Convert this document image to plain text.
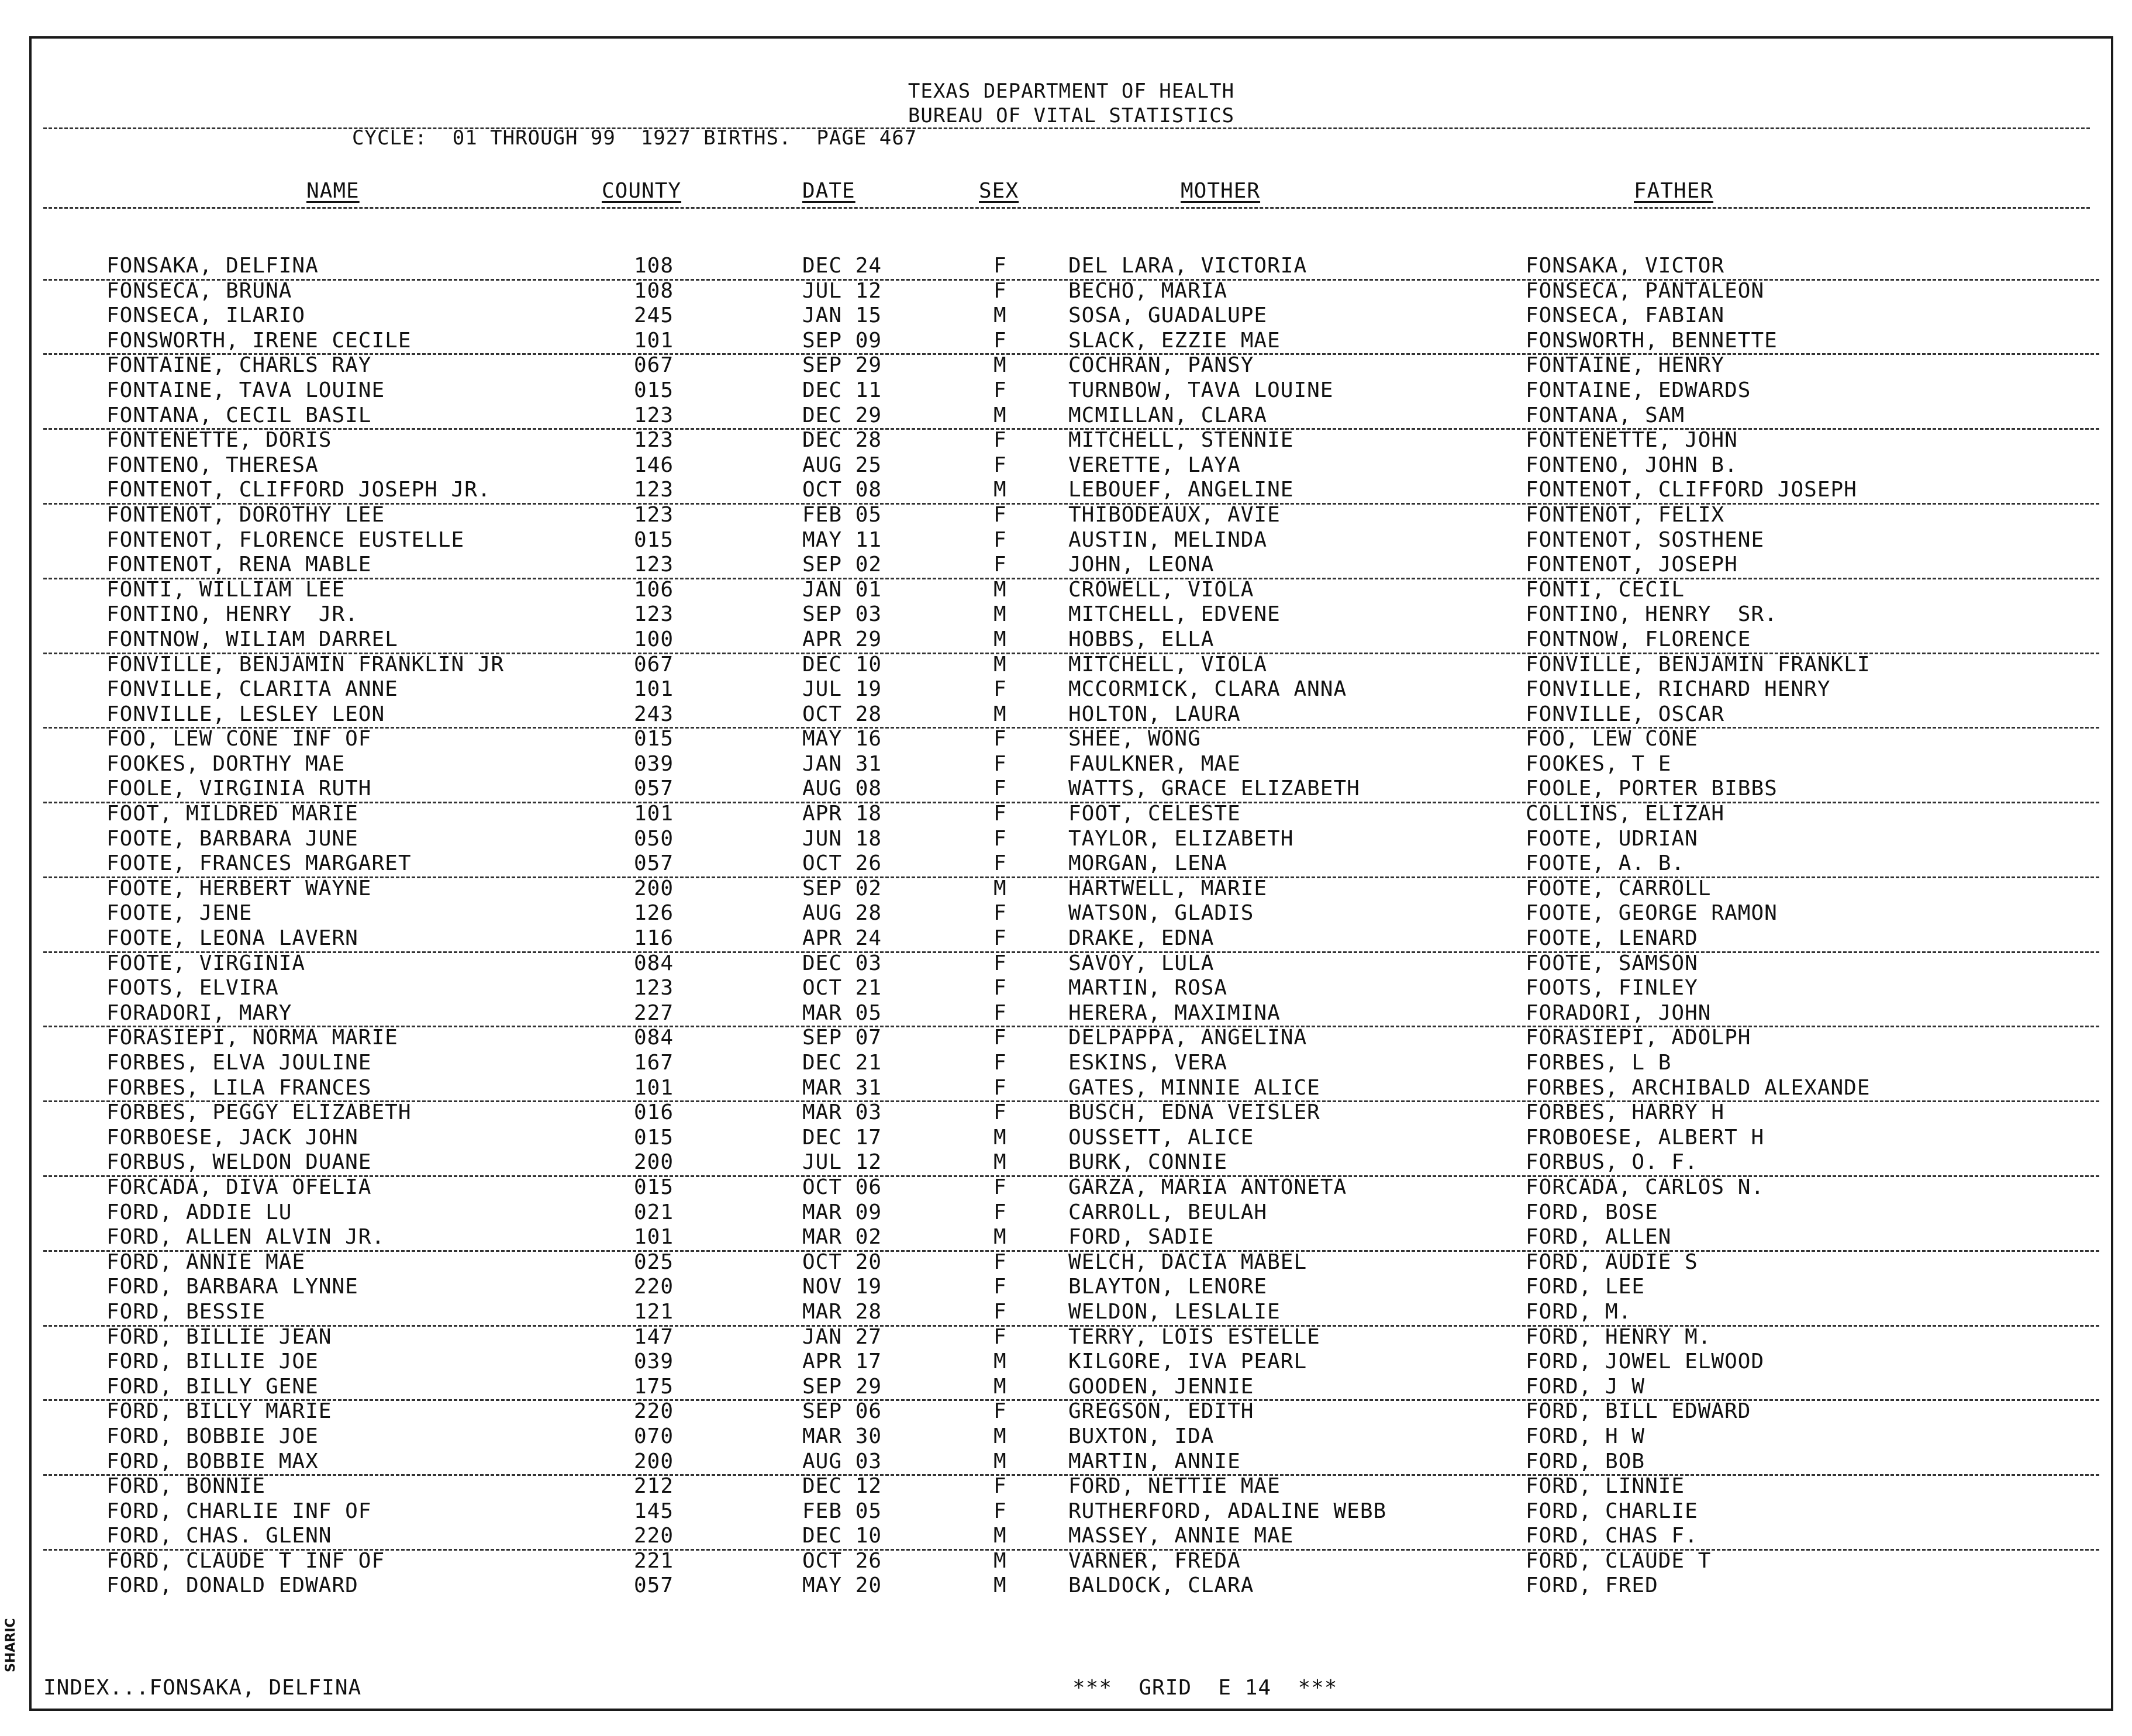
TEXAS DEPARTMENT OF HEALTH
BUREAU OF VITAL STATISTICS
CYCLE:  01 THROUGH 99  1927 BIRTHS.  PAGE 467
NAME	COUNTY	DATE	SEX	MOTHER	FATHER
FONSAKA, DELFINA	108	DEC 24	F	DEL LARA, VICTORIA	FONSAKA, VICTOR
FONSECA, BRUNA	108	JUL 12	F	BECHO, MARIA	FONSECA, PANTALEON
FONSECA, ILARIO	245	JAN 15	M	SOSA, GUADALUPE	FONSECA, FABIAN
FONSWORTH, IRENE CECILE	101	SEP 09	F	SLACK, EZZIE MAE	FONSWORTH, BENNETTE
FONTAINE, CHARLS RAY	067	SEP 29	M	COCHRAN, PANSY	FONTAINE, HENRY
FONTAINE, TAVA LOUINE	015	DEC 11	F	TURNBOW, TAVA LOUINE	FONTAINE, EDWARDS
FONTANA, CECIL BASIL	123	DEC 29	M	MCMILLAN, CLARA	FONTANA, SAM
FONTENETTE, DORIS	123	DEC 28	F	MITCHELL, STENNIE	FONTENETTE, JOHN
FONTENO, THERESA	146	AUG 25	F	VERETTE, LAYA	FONTENO, JOHN B.
FONTENOT, CLIFFORD JOSEPH JR.	123	OCT 08	M	LEBOUEF, ANGELINE	FONTENOT, CLIFFORD JOSEPH
FONTENOT, DOROTHY LEE	123	FEB 05	F	THIBODEAUX, AVIE	FONTENOT, FELIX
FONTENOT, FLORENCE EUSTELLE	015	MAY 11	F	AUSTIN, MELINDA	FONTENOT, SOSTHENE
FONTENOT, RENA MABLE	123	SEP 02	F	JOHN, LEONA	FONTENOT, JOSEPH
FONTI, WILLIAM LEE	106	JAN 01	M	CROWELL, VIOLA	FONTI, CECIL
FONTINO, HENRY  JR.	123	SEP 03	M	MITCHELL, EDVENE	FONTINO, HENRY  SR.
FONTNOW, WILIAM DARREL	100	APR 29	M	HOBBS, ELLA	FONTNOW, FLORENCE
FONVILLE, BENJAMIN FRANKLIN JR	067	DEC 10	M	MITCHELL, VIOLA	FONVILLE, BENJAMIN FRANKLI
FONVILLE, CLARITA ANNE	101	JUL 19	F	MCCORMICK, CLARA ANNA	FONVILLE, RICHARD HENRY
FONVILLE, LESLEY LEON	243	OCT 28	M	HOLTON, LAURA	FONVILLE, OSCAR
FOO, LEW CONE INF OF	015	MAY 16	F	SHEE, WONG	FOO, LEW CONE
FOOKES, DORTHY MAE	039	JAN 31	F	FAULKNER, MAE	FOOKES, T E
FOOLE, VIRGINIA RUTH	057	AUG 08	F	WATTS, GRACE ELIZABETH	FOOLE, PORTER BIBBS
FOOT, MILDRED MARIE	101	APR 18	F	FOOT, CELESTE	COLLINS, ELIZAH
FOOTE, BARBARA JUNE	050	JUN 18	F	TAYLOR, ELIZABETH	FOOTE, UDRIAN
FOOTE, FRANCES MARGARET	057	OCT 26	F	MORGAN, LENA	FOOTE, A. B.
FOOTE, HERBERT WAYNE	200	SEP 02	M	HARTWELL, MARIE	FOOTE, CARROLL
FOOTE, JENE	126	AUG 28	F	WATSON, GLADIS	FOOTE, GEORGE RAMON
FOOTE, LEONA LAVERN	116	APR 24	F	DRAKE, EDNA	FOOTE, LENARD
FOOTE, VIRGINIA	084	DEC 03	F	SAVOY, LULA	FOOTE, SAMSON
FOOTS, ELVIRA	123	OCT 21	F	MARTIN, ROSA	FOOTS, FINLEY
FORADORI, MARY	227	MAR 05	F	HERERA, MAXIMINA	FORADORI, JOHN
FORASIEPI, NORMA MARIE	084	SEP 07	F	DELPAPPA, ANGELINA	FORASIEPI, ADOLPH
FORBES, ELVA JOULINE	167	DEC 21	F	ESKINS, VERA	FORBES, L B
FORBES, LILA FRANCES	101	MAR 31	F	GATES, MINNIE ALICE	FORBES, ARCHIBALD ALEXANDE
FORBES, PEGGY ELIZABETH	016	MAR 03	F	BUSCH, EDNA VEISLER	FORBES, HARRY H
FORBOESE, JACK JOHN	015	DEC 17	M	OUSSETT, ALICE	FROBOESE, ALBERT H
FORBUS, WELDON DUANE	200	JUL 12	M	BURK, CONNIE	FORBUS, O. F.
FORCADA, DIVA OFELIA	015	OCT 06	F	GARZA, MARIA ANTONETA	FORCADA, CARLOS N.
FORD, ADDIE LU	021	MAR 09	F	CARROLL, BEULAH	FORD, BOSE
FORD, ALLEN ALVIN JR.	101	MAR 02	M	FORD, SADIE	FORD, ALLEN
FORD, ANNIE MAE	025	OCT 20	F	WELCH, DACIA MABEL	FORD, AUDIE S
FORD, BARBARA LYNNE	220	NOV 19	F	BLAYTON, LENORE	FORD, LEE
FORD, BESSIE	121	MAR 28	F	WELDON, LESLALIE	FORD, M.
FORD, BILLIE JEAN	147	JAN 27	F	TERRY, LOIS ESTELLE	FORD, HENRY M.
FORD, BILLIE JOE	039	APR 17	M	KILGORE, IVA PEARL	FORD, JOWEL ELWOOD
FORD, BILLY GENE	175	SEP 29	M	GOODEN, JENNIE	FORD, J W
FORD, BILLY MARIE	220	SEP 06	F	GREGSON, EDITH	FORD, BILL EDWARD
FORD, BOBBIE JOE	070	MAR 30	M	BUXTON, IDA	FORD, H W
FORD, BOBBIE MAX	200	AUG 03	M	MARTIN, ANNIE	FORD, BOB
FORD, BONNIE	212	DEC 12	F	FORD, NETTIE MAE	FORD, LINNIE
FORD, CHARLIE INF OF	145	FEB 05	F	RUTHERFORD, ADALINE WEBB	FORD, CHARLIE
FORD, CHAS. GLENN	220	DEC 10	M	MASSEY, ANNIE MAE	FORD, CHAS F.
FORD, CLAUDE T INF OF	221	OCT 26	M	VARNER, FREDA	FORD, CLAUDE T
FORD, DONALD EDWARD	057	MAY 20	M	BALDOCK, CLARA	FORD, FRED
INDEX...FONSAKA, DELFINA	***  GRID  E 14  ***
SHARIC
